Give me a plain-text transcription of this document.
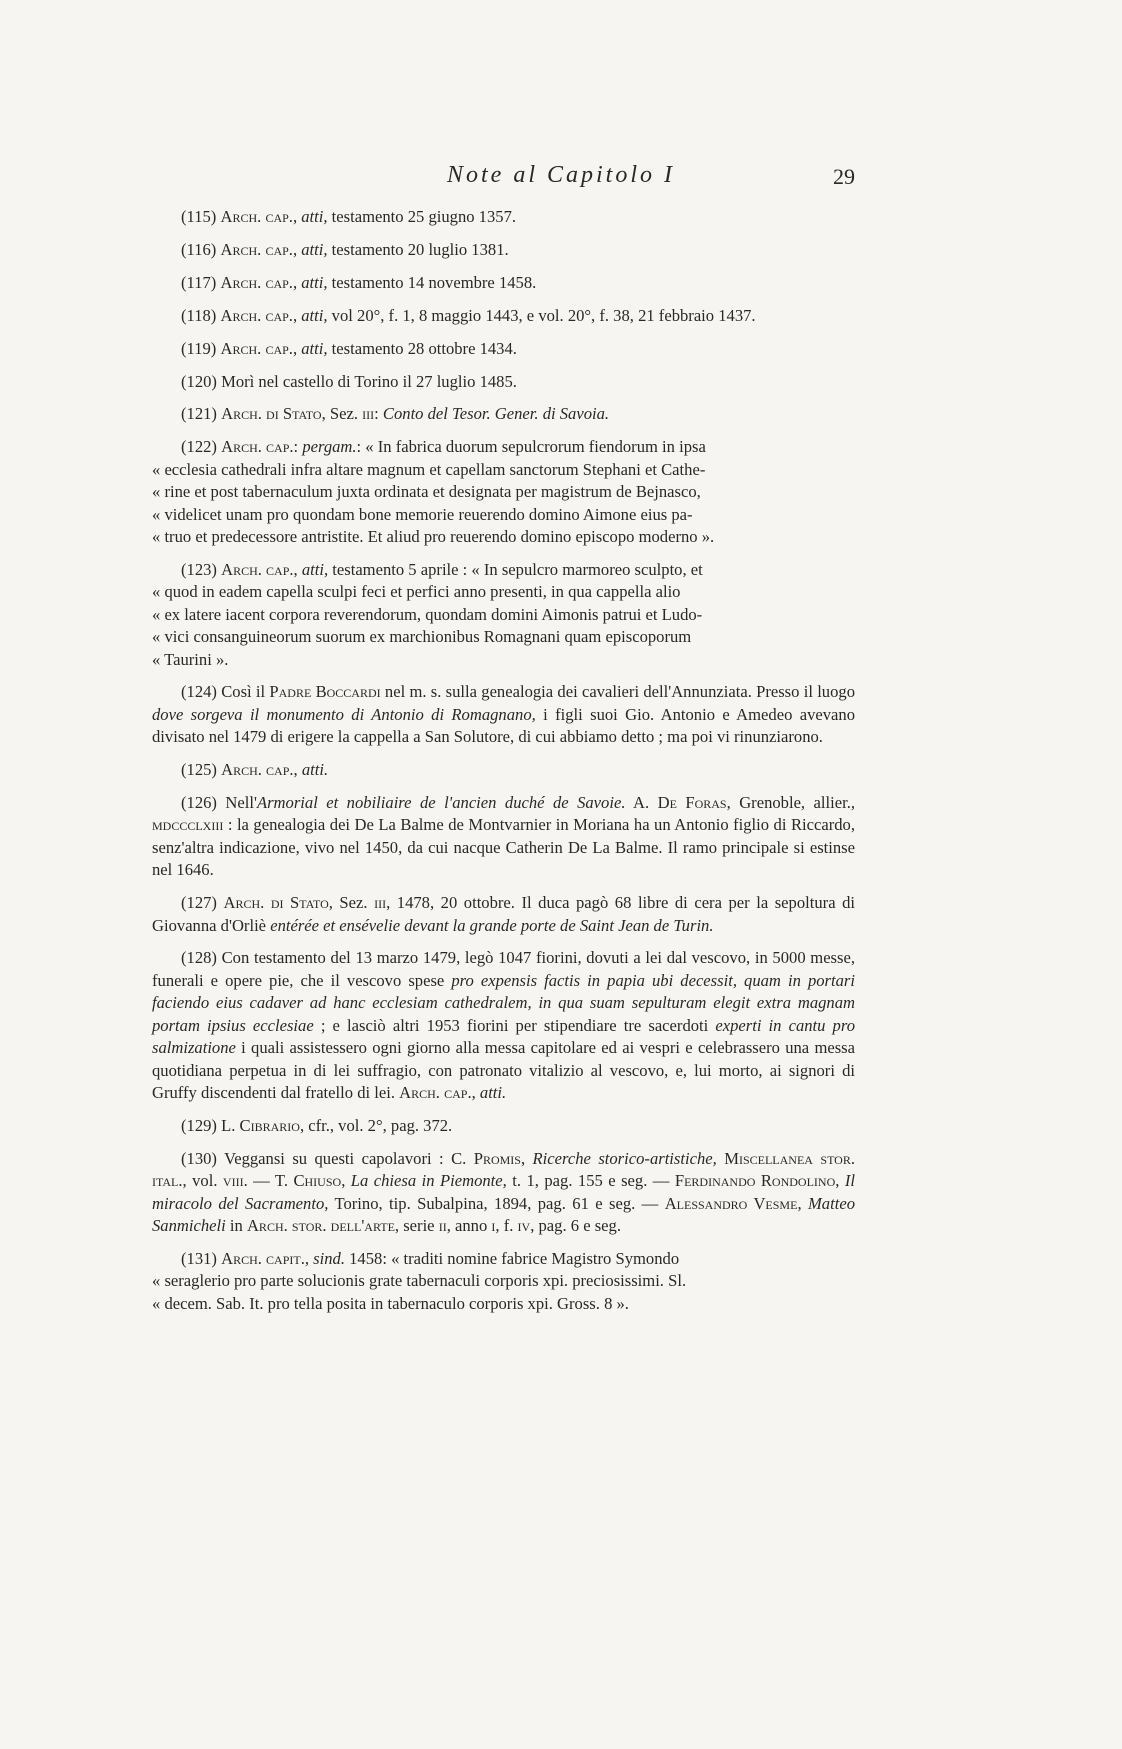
Note al Capitolo I	29

(115) Arch. cap., atti, testamento 25 giugno 1357.

(116) Arch. cap., atti, testamento 20 luglio 1381.

(117) Arch. cap., atti, testamento 14 novembre 1458.

(118) Arch. cap., atti, vol 20°, f. 1, 8 maggio 1443, e vol. 20°, f. 38, 21 febbraio 1437.

(119) Arch. cap., atti, testamento 28 ottobre 1434.

(120) Morì nel castello di Torino il 27 luglio 1485.

(121) Arch. di Stato, Sez. iii: Conto del Tesor. Gener. di Savoia.

(122) Arch. cap.: pergam.: « In fabrica duorum sepulcrorum fiendorum in ipsa

« ecclesia cathedrali infra altare magnum et capellam sanctorum Stephani et Cathe-

« rine et post tabernaculum juxta ordinata et designata per magistrum de Bejnasco,

« videlicet unam pro quondam bone memorie reuerendo domino Aimone eius pa-

« truo et predecessore antristite. Et aliud pro reuerendo domino episcopo moderno ».

(123) Arch. cap., atti, testamento 5 aprile : « In sepulcro marmoreo sculpto, et

« quod in eadem capella sculpi feci et perfici anno presenti, in qua cappella alio

« ex latere iacent corpora reverendorum, quondam domini Aimonis patrui et Ludo-

« vici consanguineorum suorum ex marchionibus Romagnani quam episcoporum

« Taurini ».

(124) Così il Padre Boccardi nel m. s. sulla genealogia dei cavalieri dell'Annunziata. Presso il luogo dove sorgeva il monumento di Antonio di Romagnano, i figli suoi Gio. Antonio e Amedeo avevano divisato nel 1479 di erigere la cappella a San Solutore, di cui abbiamo detto ; ma poi vi rinunziarono.

(125) Arch. cap., atti.

(126) Nell'Armorial et nobiliaire de l'ancien duché de Savoie. A. De Foras, Grenoble, allier., mdccclxiii : la genealogia dei De La Balme de Montvarnier in Moriana ha un Antonio figlio di Riccardo, senz'altra indicazione, vivo nel 1450, da cui nacque Catherin De La Balme. Il ramo principale si estinse nel 1646.

(127) Arch. di Stato, Sez. iii, 1478, 20 ottobre. Il duca pagò 68 libre di cera per la sepoltura di Giovanna d'Orliè entérée et ensévelie devant la grande porte de Saint Jean de Turin.

(128) Con testamento del 13 marzo 1479, legò 1047 fiorini, dovuti a lei dal vescovo, in 5000 messe, funerali e opere pie, che il vescovo spese pro expensis factis in papia ubi decessit, quam in portari faciendo eius cadaver ad hanc ecclesiam cathedralem, in qua suam sepulturam elegit extra magnam portam ipsius ecclesiae ; e lasciò altri 1953 fiorini per stipendiare tre sacerdoti experti in cantu pro salmizatione i quali assistessero ogni giorno alla messa capitolare ed ai vespri e celebrassero una messa quotidiana perpetua in di lei suffragio, con patronato vitalizio al vescovo, e, lui morto, ai signori di Gruffy discendenti dal fratello di lei. Arch. cap., atti.

(129) L. Cibrario, cfr., vol. 2°, pag. 372.

(130) Veggansi su questi capolavori : C. Promis, Ricerche storico-artistiche, Miscellanea stor. ital., vol. viii. — T. Chiuso, La chiesa in Piemonte, t. 1, pag. 155 e seg. — Ferdinando Rondolino, Il miracolo del Sacramento, Torino, tip. Subalpina, 1894, pag. 61 e seg. — Alessandro Vesme, Matteo Sanmicheli in Arch. stor. dell'arte, serie ii, anno i, f. iv, pag. 6 e seg.

(131) Arch. capit., sind. 1458: « traditi nomine fabrice Magistro Symondo

« seraglerio pro parte solucionis grate tabernaculi corporis xpi. preciosissimi. Sl.

« decem. Sab. It. pro tella posita in tabernaculo corporis xpi. Gross. 8 ».
